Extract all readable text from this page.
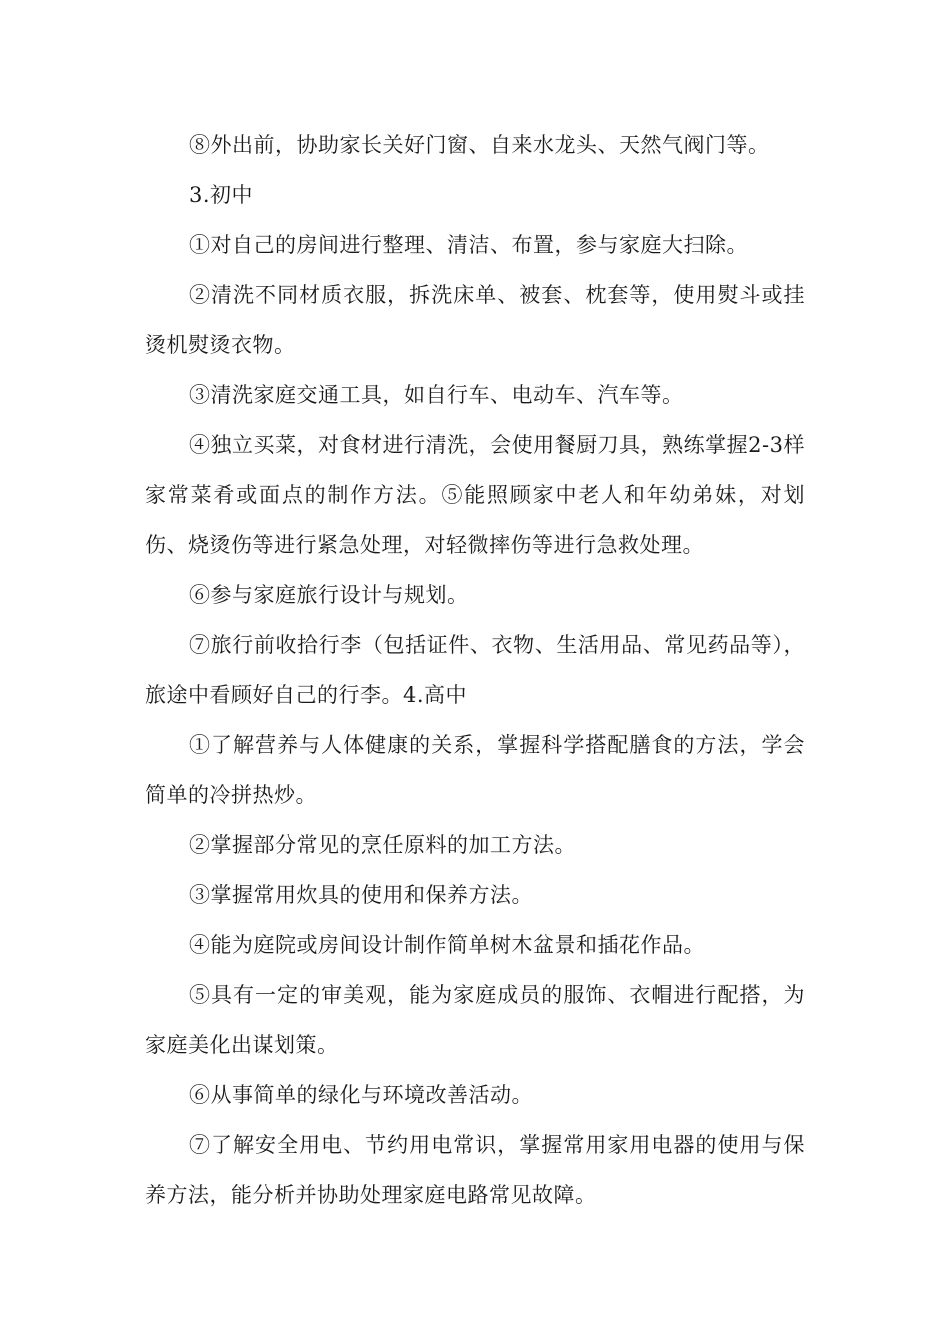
⑧外出前，协助家长关好门窗、自来水龙头、天然气阀门等。

3.初中

①对自己的房间进行整理、清洁、布置，参与家庭大扫除。

②清洗不同材质衣服，拆洗床单、被套、枕套等，使用熨斗或挂烫机熨烫衣物。

③清洗家庭交通工具，如自行车、电动车、汽车等。

④独立买菜，对食材进行清洗，会使用餐厨刀具，熟练掌握2-3样家常菜肴或面点的制作方法。⑤能照顾家中老人和年幼弟妹，对划伤、烧烫伤等进行紧急处理，对轻微摔伤等进行急救处理。

⑥参与家庭旅行设计与规划。

⑦旅行前收拾行李（包括证件、衣物、生活用品、常见药品等），旅途中看顾好自己的行李。4.高中

①了解营养与人体健康的关系，掌握科学搭配膳食的方法，学会简单的冷拼热炒。

②掌握部分常见的烹任原料的加工方法。

③掌握常用炊具的使用和保养方法。

④能为庭院或房间设计制作简单树木盆景和插花作品。

⑤具有一定的审美观，能为家庭成员的服饰、衣帽进行配搭，为家庭美化出谋划策。

⑥从事简单的绿化与环境改善活动。

⑦了解安全用电、节约用电常识，掌握常用家用电器的使用与保养方法，能分析并协助处理家庭电路常见故障。
